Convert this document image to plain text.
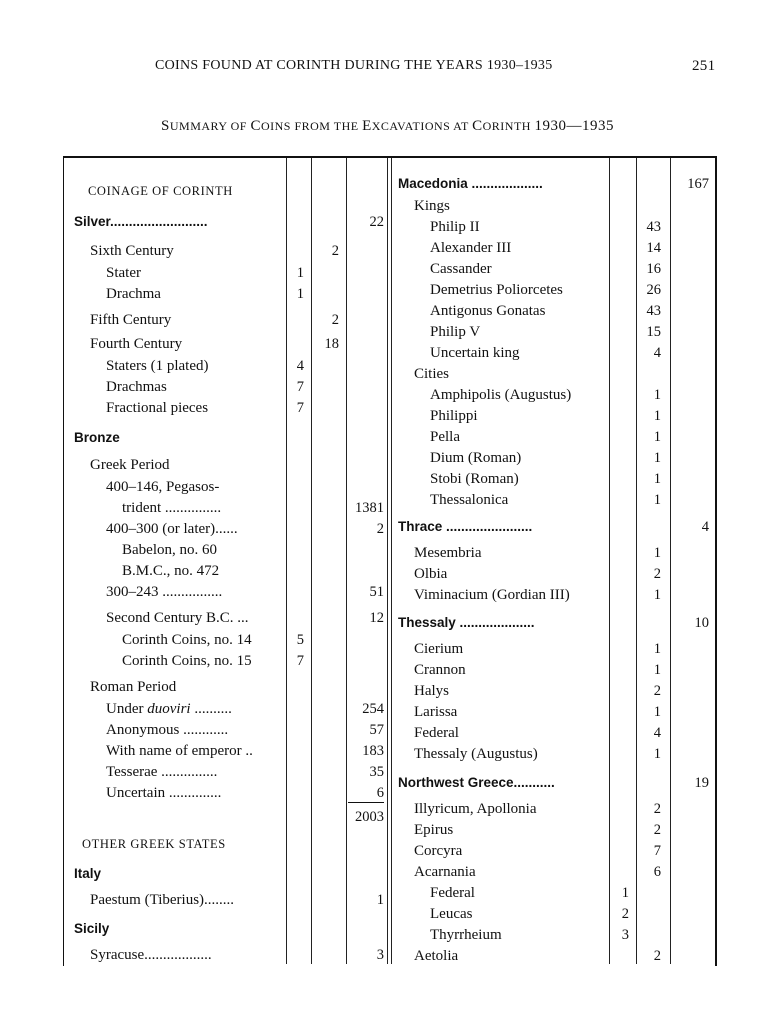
COINS FOUND AT CORINTH DURING THE YEARS 1930–1935	251
SUMMARY OF COINS FROM THE EXCAVATIONS AT CORINTH 1930—1935
COINAGE OF CORINTH
Silver..........................	22
Sixth Century	2
Stater	1
Drachma	1
Fifth Century	2
Fourth Century	18
Staters (1 plated)	4
Drachmas	7
Fractional pieces	7
Bronze
Greek Period
400–146, Pegasos-
trident ...............	1381
400–300 (or later)......	2
Babelon, no. 60
B.M.C., no. 472
300–243 ................	51
Second Century B.C. ...	12
Corinth Coins, no. 14	5
Corinth Coins, no. 15	7
Roman Period
Under duoviri ..........	254
Anonymous ............	57
With name of emperor ..	183
Tesserae ...............	35
Uncertain ..............	6
2003
OTHER GREEK STATES
Italy
Paestum (Tiberius)........	1
Sicily
Syracuse..................	3
Macedonia ...................	167
Kings
Philip II	43
Alexander III	14
Cassander	16
Demetrius Poliorcetes	26
Antigonus Gonatas	43
Philip V	15
Uncertain king	4
Cities
Amphipolis (Augustus)	1
Philippi	1
Pella	1
Dium (Roman)	1
Stobi (Roman)	1
Thessalonica	1
Thrace .......................	4
Mesembria	1
Olbia	2
Viminacium (Gordian III)	1
Thessaly ....................	10
Cierium	1
Crannon	1
Halys	2
Larissa	1
Federal	4
Thessaly (Augustus)	1
Northwest Greece...........	19
Illyricum, Apollonia	2
Epirus	2
Corcyra	7
Acarnania	6
Federal	1
Leucas	2
Thyrrheium	3
Aetolia	2
